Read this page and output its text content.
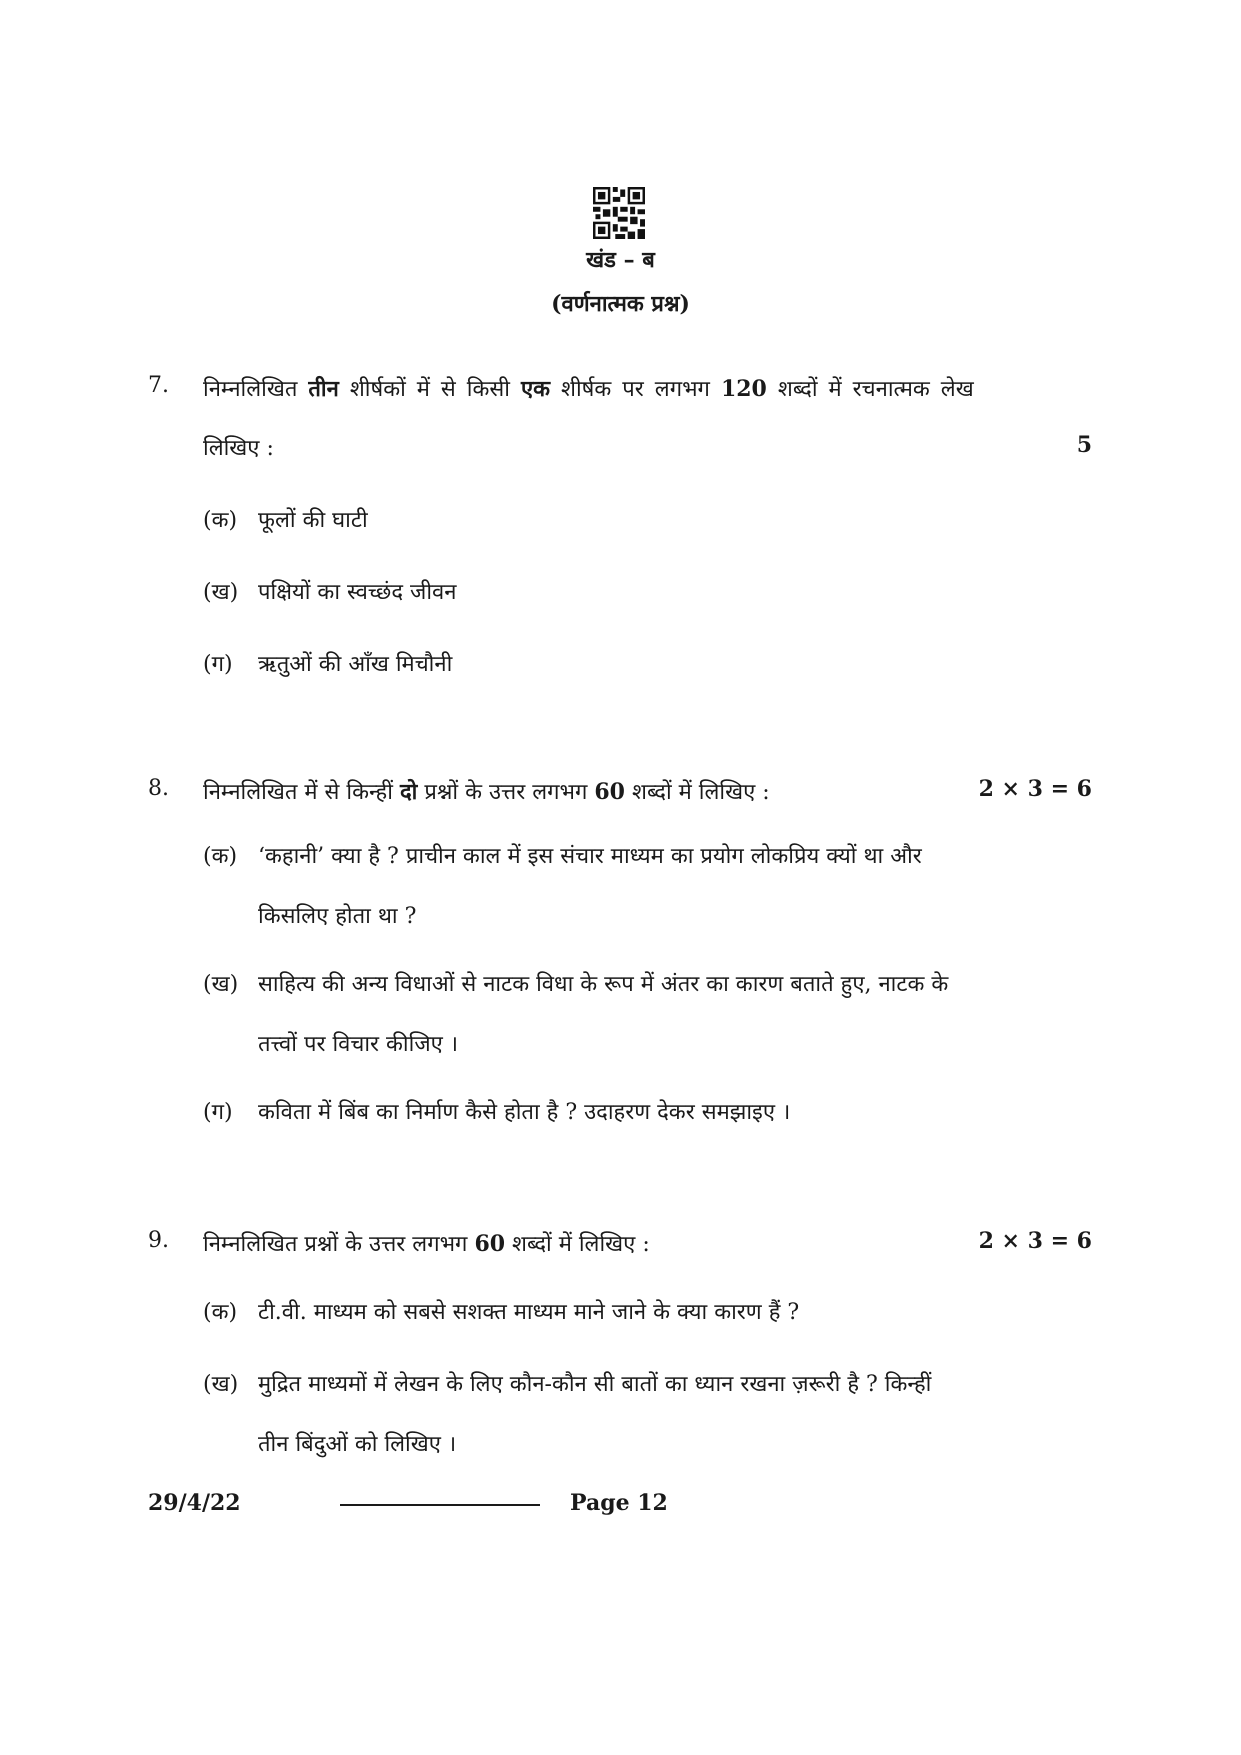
खंड – ब
(वर्णनात्मक प्रश्न)
7. निम्नलिखित तीन शीर्षकों में से किसी एक शीर्षक पर लगभग 120 शब्दों में रचनात्मक लेख
लिखिए :	5
(क) फूलों की घाटी
(ख) पक्षियों का स्वच्छंद जीवन
(ग) ऋतुओं की आँख मिचौनी
8. निम्नलिखित में से किन्हीं दो प्रश्नों के उत्तर लगभग 60 शब्दों में लिखिए :	2 × 3 = 6
(क) ‘कहानी’ क्या है ? प्राचीन काल में इस संचार माध्यम का प्रयोग लोकप्रिय क्यों था और
किसलिए होता था ?
(ख) साहित्य की अन्य विधाओं से नाटक विधा के रूप में अंतर का कारण बताते हुए, नाटक के
तत्त्वों पर विचार कीजिए ।
(ग) कविता में बिंब का निर्माण कैसे होता है ? उदाहरण देकर समझाइए ।
9. निम्नलिखित प्रश्नों के उत्तर लगभग 60 शब्दों में लिखिए :	2 × 3 = 6
(क) टी.वी. माध्यम को सबसे सशक्त माध्यम माने जाने के क्या कारण हैं ?
(ख) मुद्रित माध्यमों में लेखन के लिए कौन-कौन सी बातों का ध्यान रखना ज़रूरी है ? किन्हीं
तीन बिंदुओं को लिखिए ।
29/4/22	Page 12
